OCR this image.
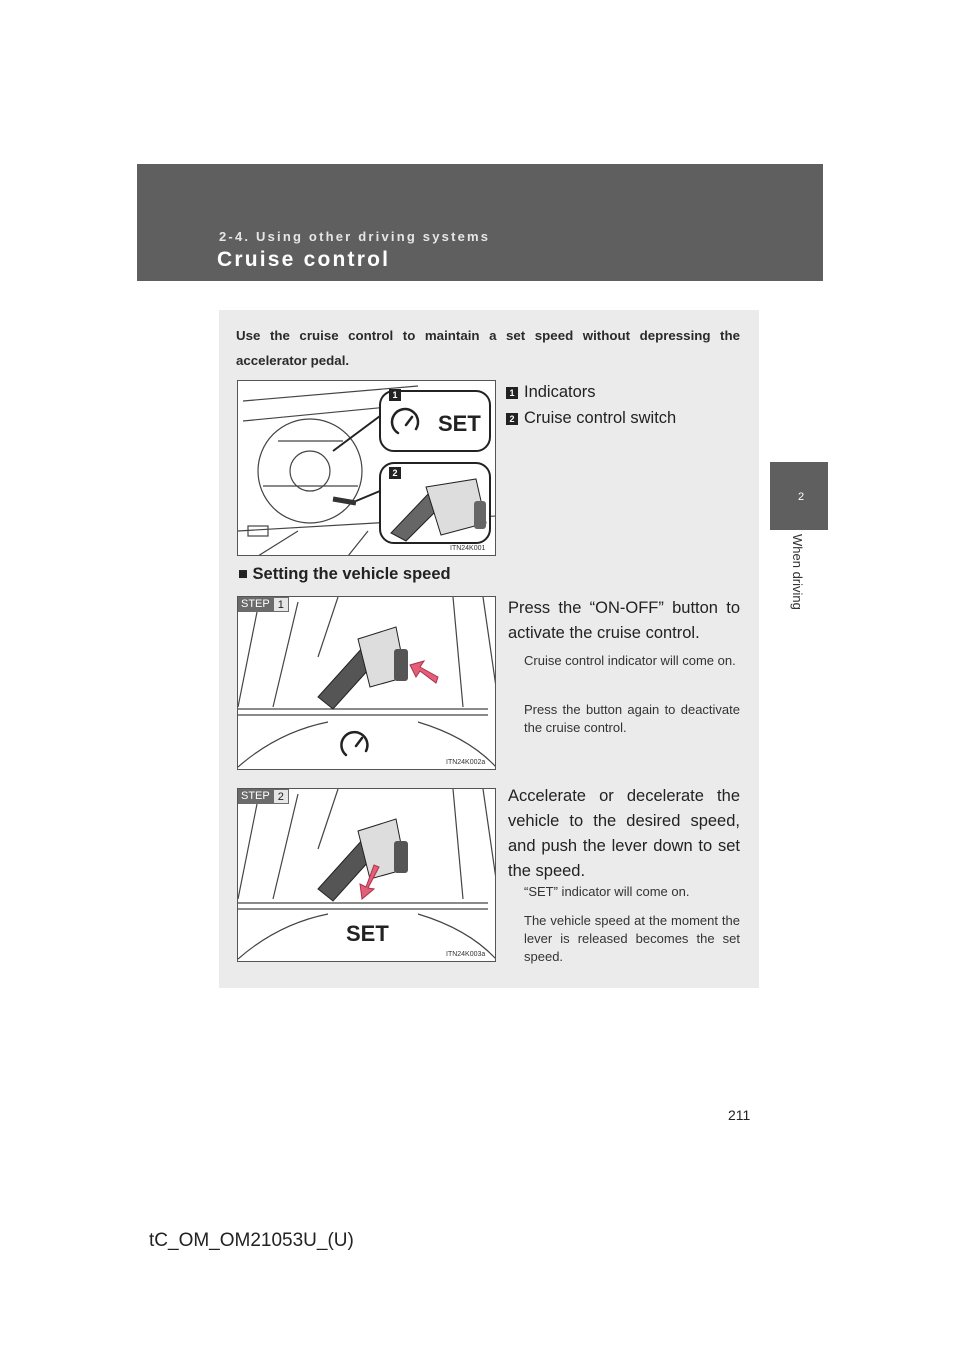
2-4. Using other driving systems
Cruise control
2
When driving
Use the cruise control to maintain a set speed without depressing the accelerator pedal.
1
2
SET
ITN24K001
1 Indicators
2 Cruise control switch
■ Setting the vehicle speed
STEP 1
ITN24K002a
Press the “ON-OFF” button to activate the cruise control.
Cruise control indicator will come on.
Press the button again to deactivate the cruise control.
STEP 2
SET
ITN24K003a
Accelerate or decelerate the vehicle to the desired speed, and push the lever down to set the speed.
“SET” indicator will come on.
The vehicle speed at the moment the lever is released becomes the set speed.
211
tC_OM_OM21053U_(U)
